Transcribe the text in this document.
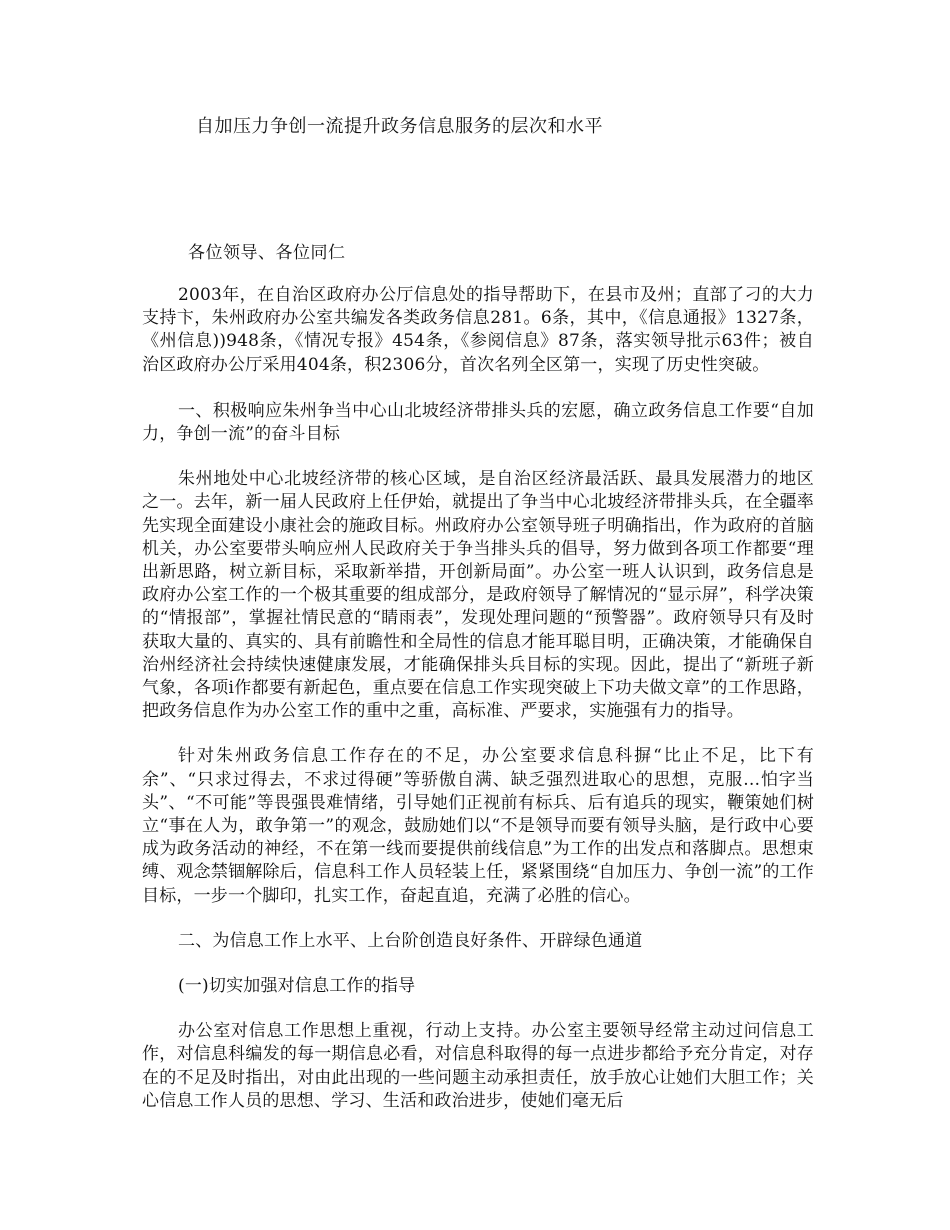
自加压力争创一流提升政务信息服务的层次和水平
各位领导、各位同仁

2003年，在自治区政府办公厅信息处的指导帮助下，在县市及州；直部了刁的大力支持卞，朱州政府办公室共编发各类政务信息281。6条，其中，《信息通报》1327条，《州信息))948条，《情况专报》454条，《参阅信息》87条，落实领导批示63件；被自治区政府办公厅采用404条，积2306分，首次名列全区第一，实现了历史性突破。

一、积极响应朱州争当中心山北坡经济带排头兵的宏愿，确立政务信息工作要“自加力，争创一流”的奋斗目标

朱州地处中心北坡经济带的核心区域，是自治区经济最活跃、最具发展潜力的地区之一。去年，新一届人民政府上任伊始，就提出了争当中心北坡经济带排头兵，在全疆率先实现全面建设小康社会的施政目标。州政府办公室领导班子明确指出，作为政府的首脑机关，办公室要带头响应州人民政府关于争当排头兵的倡导，努力做到各项工作都要“理出新思路，树立新目标，采取新举措，开创新局面”。办公室一班人认识到，政务信息是政府办公室工作的一个极其重要的组成部分，是政府领导了解情况的“显示屏”，科学决策的“情报部”，掌握社情民意的“睛雨表”，发现处理问题的“预警器”。政府领导只有及时获取大量的、真实的、具有前瞻性和全局性的信息才能耳聪目明，正确决策，才能确保自治州经济社会持续快速健康发展，才能确保排头兵目标的实现。因此，提出了“新班子新气象，各项i作都要有新起色，重点要在信息工作实现突破上下功夫做文章”的工作思路，把政务信息作为办公室工作的重中之重，高标准、严要求，实施强有力的指导。

针对朱州政务信息工作存在的不足，办公室要求信息科摒“比止不足，比下有余”、“只求过得去，不求过得硬”等骄傲自满、缺乏强烈进取心的思想，克服…怕字当头”、“不可能”等畏强畏难情绪，引导她们正视前有标兵、后有追兵的现实，鞭策她们树立“事在人为，敢争第一”的观念，鼓励她们以“不是领导而要有领导头脑，是行政中心要成为政务活动的神经，不在第一线而要提供前线信息”为工作的出发点和落脚点。思想束缚、观念禁锢解除后，信息科工作人员轻装上任，紧紧围绕“自加压力、争创一流”的工作目标，一步一个脚印，扎实工作，奋起直追，充满了必胜的信心。

二、为信息工作上水平、上台阶创造良好条件、开辟绿色通道

(一)切实加强对信息工作的指导

办公室对信息工作思想上重视，行动上支持。办公室主要领导经常主动过问信息工作，对信息科编发的每一期信息必看，对信息科取得的每一点进步都给予充分肯定，对存在的不足及时指出，对由此出现的一些问题主动承担责任，放手放心让她们大胆工作；关心信息工作人员的思想、学习、生活和政治进步，使她们毫无后
